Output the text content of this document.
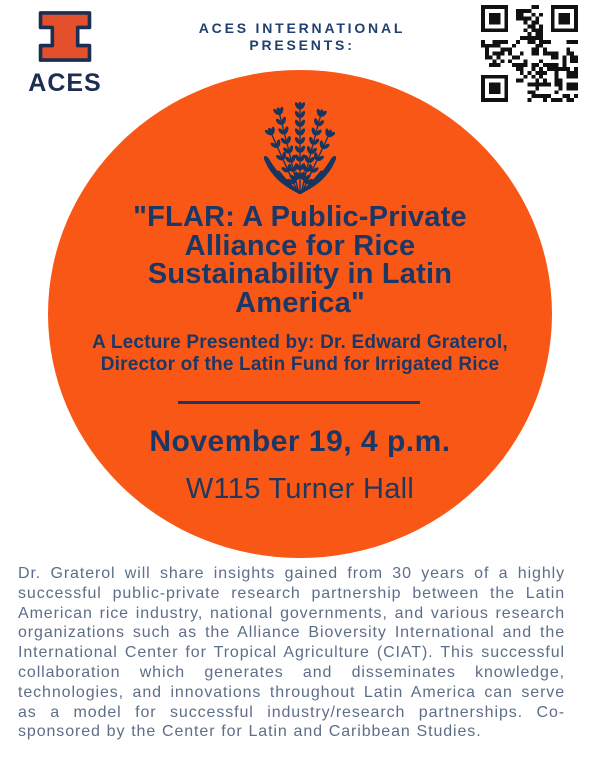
ACES
ACES INTERNATIONAL
PRESENTS:
"FLAR: A Public-Private
Alliance for Rice
Sustainability in Latin
America"
A Lecture Presented by: Dr. Edward Graterol,
Director of the Latin Fund for Irrigated Rice
November 19, 4 p.m.
W115 Turner Hall
Dr. Graterol will share insights gained from 30 years of a highly successful public-private research partnership between the Latin American rice industry, national governments, and various research organizations such as the Alliance Bioversity International and the International Center for Tropical Agriculture (CIAT). This successful collaboration which generates and disseminates knowledge, technologies, and innovations throughout Latin America can serve as a model for successful industry/research partnerships. Co-sponsored by the Center for Latin and Caribbean Studies.
